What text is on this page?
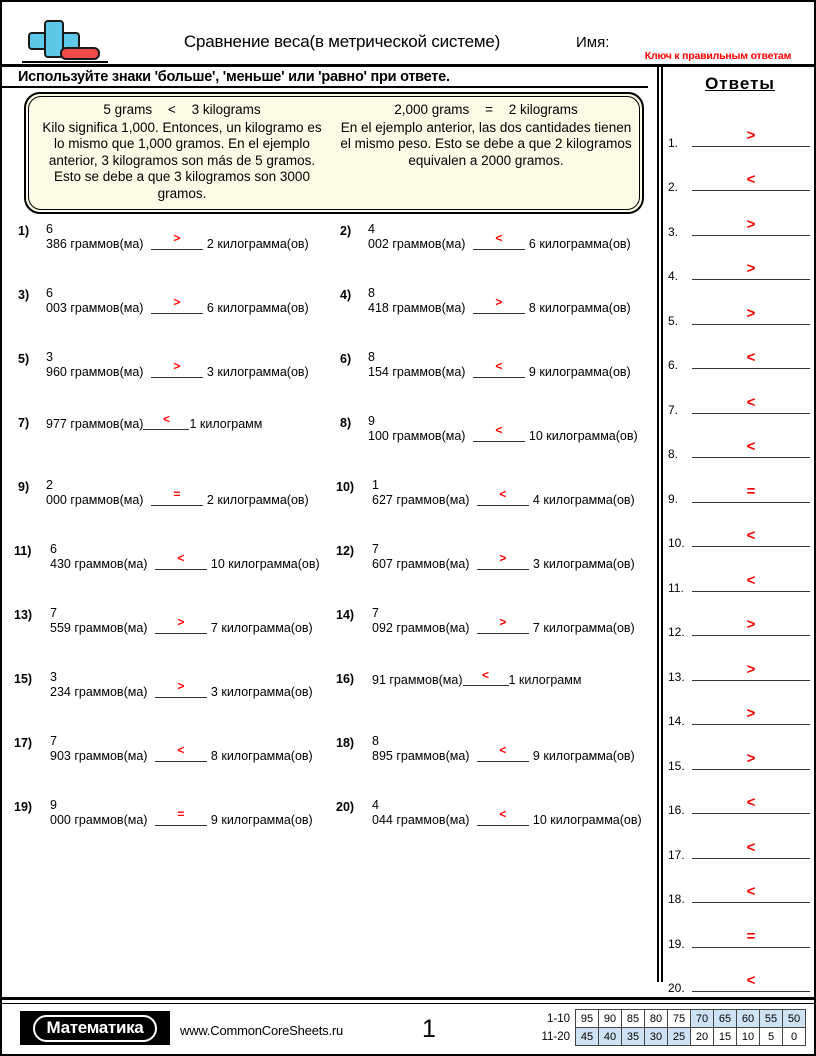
Сравнение веса(в метрической системе)	Имя:
Ключ к правильным ответам
Используйте знаки 'больше', 'меньше' или 'равно' при ответе.
5 grams < 3 kilograms
Kilo significa 1,000. Entonces, un kilogramo es lo mismo que 1,000 gramos. En el ejemplo anterior, 3 kilogramos son más de 5 gramos. Esto se debe a que 3 kilogramos son 3000 gramos.
2,000 grams = 2 kilograms
En el ejemplo anterior, las dos cantidades tienen el mismo peso. Esto se debe a que 2 kilogramos equivalen a 2000 gramos.
1) 6
386 граммов(ма)	>	2 килограмма(ов)
2) 4
002 граммов(ма)	<	6 килограмма(ов)
3) 6
003 граммов(ма)	>	6 килограмма(ов)
4) 8
418 граммов(ма)	>	8 килограмма(ов)
5) 3
960 граммов(ма)	>	3 килограмма(ов)
6) 8
154 граммов(ма)	<	9 килограмма(ов)
7) 977 граммов(ма)	<	1 килограмм	8) 9
100 граммов(ма)	<	10 килограмма(ов)
9) 2
000 граммов(ма)	=	2 килограмма(ов)
10) 1
627 граммов(ма)	<	4 килограмма(ов)
11) 6
430 граммов(ма)	<	10 килограмма(ов)
12) 7
607 граммов(ма)	>	3 килограмма(ов)
13) 7
559 граммов(ма)	>	7 килограмма(ов)
14) 7
092 граммов(ма)	>	7 килограмма(ов)
15) 3
234 граммов(ма)	>	3 килограмма(ов)
16) 91 граммов(ма)	<	1 килограмм
17) 7
903 граммов(ма)	<	8 килограмма(ов)
18) 8
895 граммов(ма)	<	9 килограмма(ов)
19) 9
000 граммов(ма)	=	9 килограмма(ов)
20) 4
044 граммов(ма)	<	10 килограмма(ов)
Ответы
1.	>
2.	<
3.	>
4.	>
5.	>
6.	<
7.	<
8.	<
9.	=
10.	<
11.	<
12.	>
13.	>
14.	>
15.	>
16.	<
17.	<
18.	<
19.	=
20.	<
Математика	www.CommonCoreSheets.ru	1	1-10	95	90	85	80	75	70	65	60	55	50
11-20	45	40	35	30	25	20	15	10	5	0
